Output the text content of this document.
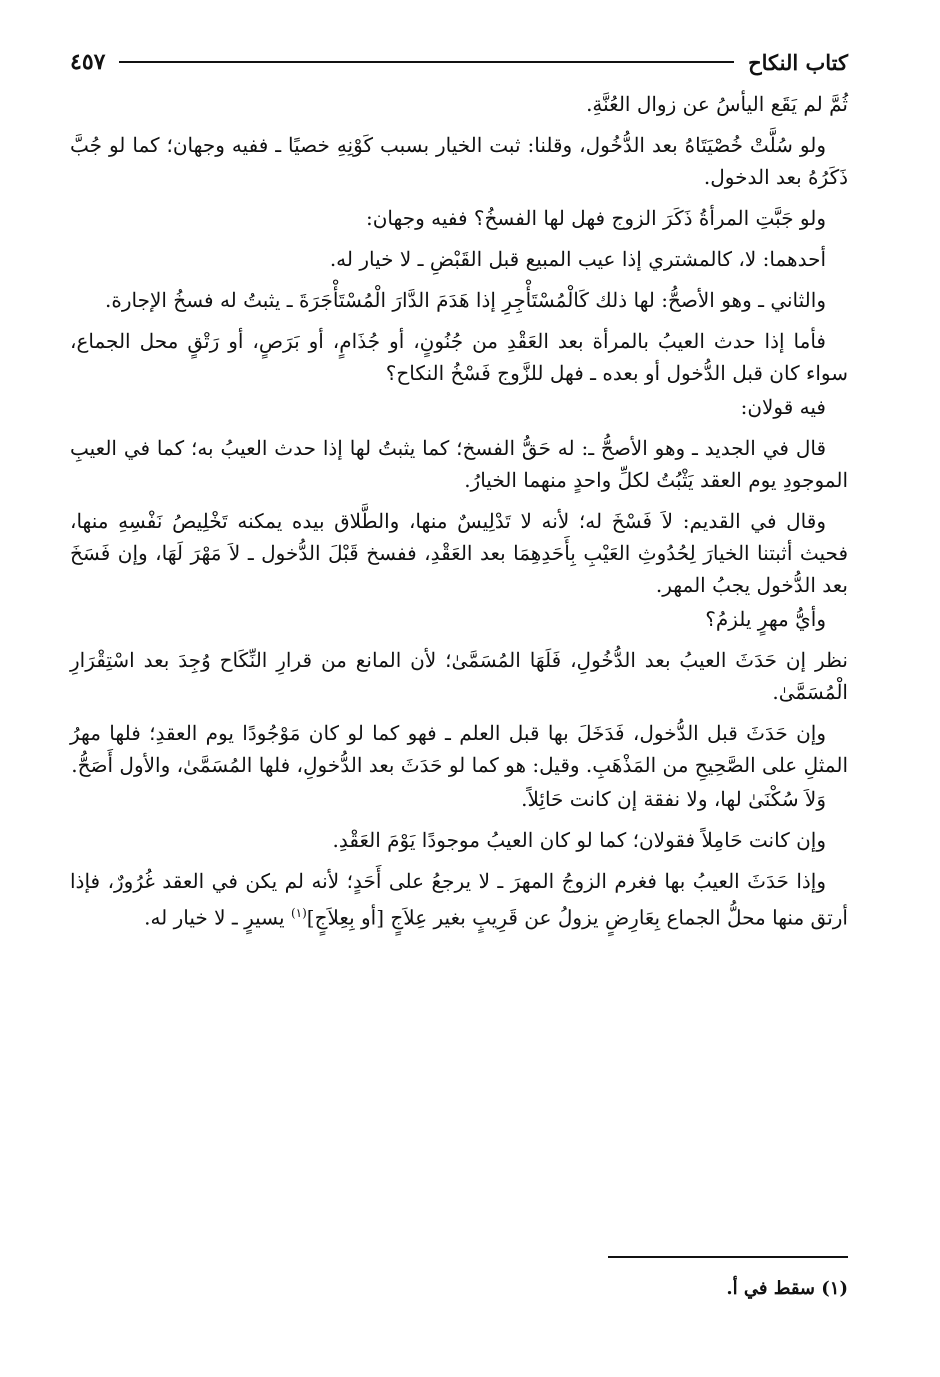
كتاب النكاح
٤٥٧

ثُمَّ لم يَقَع اليأسُ عن زوال العُنَّةِ.

ولو سُلَّتْ خُصْيَتَاهُ بعد الدُّخُول، وقلنا: ثبت الخيار بسبب كَوْنِهِ خصيًا ـ ففيه وجهان؛ كما لو جُبَّ ذَكَرُهُ بعد الدخول.

ولو جَبَّتِ المرأةُ ذَكَرَ الزوج فهل لها الفسخُ؟ ففيه وجهان:

أحدهما: لا، كالمشتري إذا عيب المبيع قبل القَبْضِ ـ لا خيار له.

والثاني ـ وهو الأصحُّ: لها ذلك كَالْمُسْتَأْجِرِ إذا هَدَمَ الدَّارَ الْمُسْتَأْجَرَةَ ـ يثبتُ له فسخُ الإجارة.

فأما إذا حدث العيبُ بالمرأة بعد العَقْدِ من جُنُونٍ، أو جُذَامٍ، أو بَرَصٍ، أو رَتْقٍ محل الجماع، سواء كان قبل الدُّخول أو بعده ـ فهل للزَّوج فَسْخُ النكاح؟

فيه قولان:

قال في الجديد ـ وهو الأصحُّ ـ: له حَقُّ الفسخ؛ كما يثبتُ لها إذا حدث العيبُ به؛ كما في العيبِ الموجودِ يوم العقد يَثْبُتُ لكلِّ واحدٍ منهما الخيارُ.

وقال في القديم: لاَ فَسْخَ له؛ لأنه لا تَدْلِيسٌ منها، والطَّلاق بيده يمكنه تَخْلِيصُ نَفْسِهِ منها، فحيث أثبتنا الخيارَ لِحُدُوثِ العَيْبِ بِأَحَدِهِمَا بعد العَقْدِ، ففسخ قَبْلَ الدُّخول ـ لاَ مَهْرَ لَهَا، وإن فَسَخَ بعد الدُّخول يجبُ المهر.

وأيُّ مهرٍ يلزمُ؟

نظر إن حَدَثَ العيبُ بعد الدُّخُولِ، فَلَهَا المُسَمَّىٰ؛ لأن المانع من قرارِ النِّكَاح وُجِدَ بعد اسْتِقْرَارِ الْمُسَمَّىٰ.

وإن حَدَثَ قبل الدُّخول، فَدَخَلَ بها قبل العلم ـ فهو كما لو كان مَوْجُودًا يوم العقدِ؛ فلها مهرُ المثلِ على الصَّحِيحِ من المَذْهَبِ. وقيل: هو كما لو حَدَثَ بعد الدُّخولِ، فلها المُسَمَّىٰ، والأول أَصَحُّ.

وَلاَ سُكْنَىٰ لها، ولا نفقة إن كانت حَائِلاً.

وإن كانت حَامِلاً فقولان؛ كما لو كان العيبُ موجودًا يَوْمَ العَقْدِ.

وإذا حَدَثَ العيبُ بها فغرم الزوجُ المهرَ ـ لا يرجعُ على أَحَدٍ؛ لأنه لم يكن في العقد غُرُورٌ، فإذا أرتق منها محلُّ الجماع بِعَارِضٍ يزولُ عن قَرِيبٍ بغير عِلاَجٍ [أو بِعِلاَجٍ]$^{(١)}$ يسيرٍ ـ لا خيار له.

(١) سقط في أ.
